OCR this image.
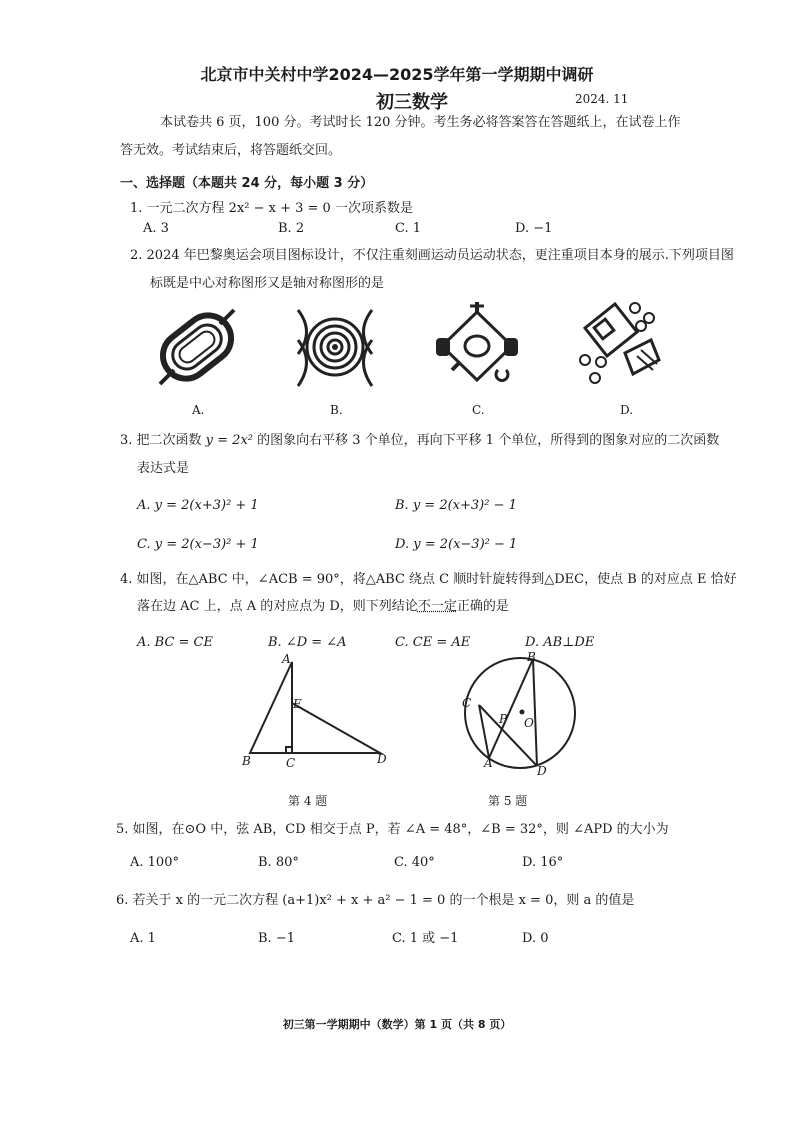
北京市中关村中学2024—2025学年第一学期期中调研
初三数学	2024. 11
本试卷共 6 页，100 分。考试时长 120 分钟。考生务必将答案答在答题纸上，在试卷上作
答无效。考试结束后，将答题纸交回。
一、选择题（本题共 24 分，每小题 3 分）
1. 一元二次方程 2x² − x + 3 = 0 一次项系数是
A. 3	B. 2	C. 1	D. −1
2. 2024 年巴黎奥运会项目图标设计，不仅注重刻画运动员运动状态，更注重项目本身的展示.下列项目图
标既是中心对称图形又是轴对称图形的是
A.	B.	C.	D.
3. 把二次函数 y = 2x² 的图象向右平移 3 个单位，再向下平移 1 个单位，所得到的图象对应的二次函数
表达式是
A. y = 2(x+3)² + 1	B. y = 2(x+3)² − 1
C. y = 2(x−3)² + 1	D. y = 2(x−3)² − 1
4. 如图，在△ABC 中，∠ACB = 90°，将△ABC 绕点 C 顺时针旋转得到△DEC，使点 B 的对应点 E 恰好
落在边 AC 上，点 A 的对应点为 D，则下列结论不一定正确的是
A. BC = CE	B. ∠D = ∠A	C. CE = AE	D. AB⊥DE
A
E
B	C	D
第 4 题
B
C
P O
A
D
第 5 题
5. 如图，在⊙O 中，弦 AB，CD 相交于点 P，若 ∠A = 48°，∠B = 32°，则 ∠APD 的大小为
A. 100°	B. 80°	C. 40°	D. 16°
6. 若关于 x 的一元二次方程 (a+1)x² + x + a² − 1 = 0 的一个根是 x = 0，则 a 的值是
A. 1	B. −1	C. 1 或 −1	D. 0
初三第一学期期中（数学）第 1 页（共 8 页）
